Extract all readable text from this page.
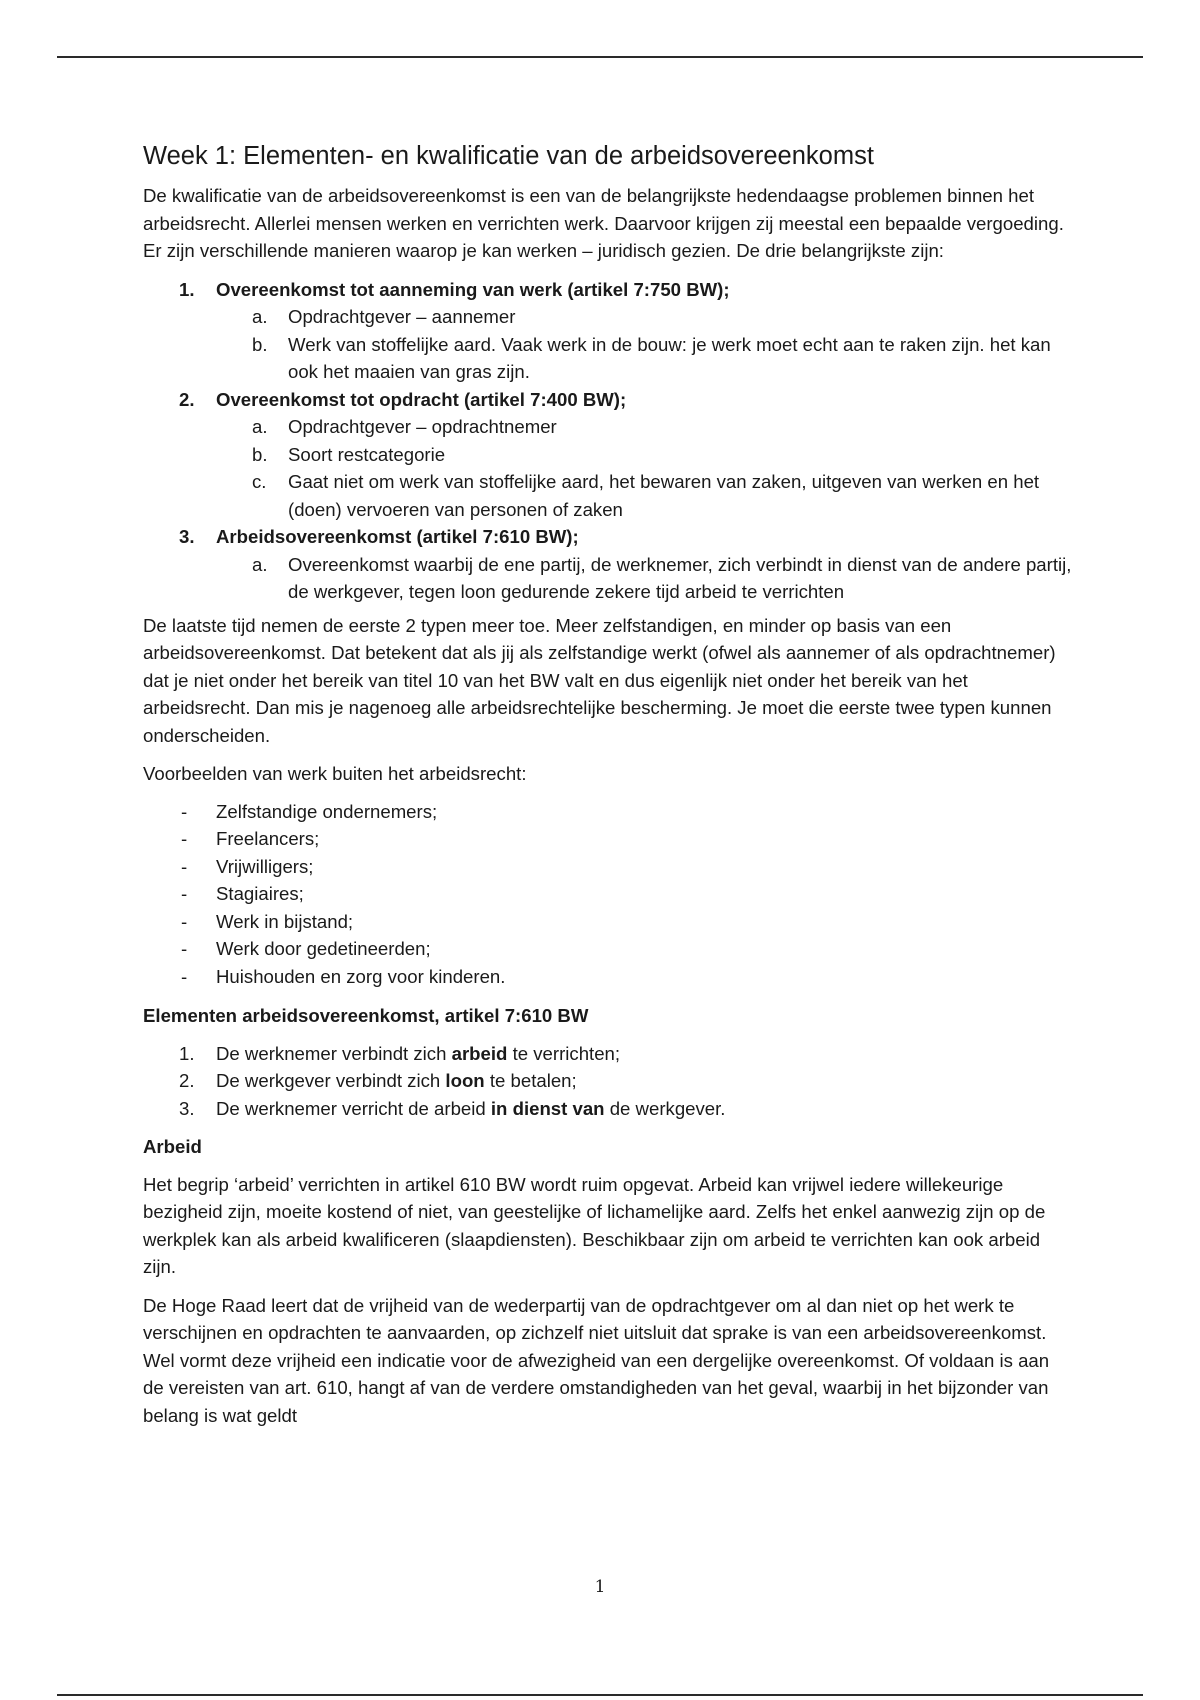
Week 1: Elementen- en kwalificatie van de arbeidsovereenkomst

De kwalificatie van de arbeidsovereenkomst is een van de belangrijkste hedendaagse problemen binnen het arbeidsrecht. Allerlei mensen werken en verrichten werk. Daarvoor krijgen zij meestal een bepaalde vergoeding. Er zijn verschillende manieren waarop je kan werken – juridisch gezien. De drie belangrijkste zijn:

1. Overeenkomst tot aanneming van werk (artikel 7:750 BW);
a. Opdrachtgever – aannemer
b. Werk van stoffelijke aard. Vaak werk in de bouw: je werk moet echt aan te raken zijn. het kan ook het maaien van gras zijn.
2. Overeenkomst tot opdracht (artikel 7:400 BW);
a. Opdrachtgever – opdrachtnemer
b. Soort restcategorie
c. Gaat niet om werk van stoffelijke aard, het bewaren van zaken, uitgeven van werken en het (doen) vervoeren van personen of zaken
3. Arbeidsovereenkomst (artikel 7:610 BW);
a. Overeenkomst waarbij de ene partij, de werknemer, zich verbindt in dienst van de andere partij, de werkgever, tegen loon gedurende zekere tijd arbeid te verrichten

De laatste tijd nemen de eerste 2 typen meer toe. Meer zelfstandigen, en minder op basis van een arbeidsovereenkomst. Dat betekent dat als jij als zelfstandige werkt (ofwel als aannemer of als opdrachtnemer) dat je niet onder het bereik van titel 10 van het BW valt en dus eigenlijk niet onder het bereik van het arbeidsrecht. Dan mis je nagenoeg alle arbeidsrechtelijke bescherming. Je moet die eerste twee typen kunnen onderscheiden.

Voorbeelden van werk buiten het arbeidsrecht:

- Zelfstandige ondernemers;
- Freelancers;
- Vrijwilligers;
- Stagiaires;
- Werk in bijstand;
- Werk door gedetineerden;
- Huishouden en zorg voor kinderen.
Elementen arbeidsovereenkomst, artikel 7:610 BW
1. De werknemer verbindt zich arbeid te verrichten;
2. De werkgever verbindt zich loon te betalen;
3. De werknemer verricht de arbeid in dienst van de werkgever.
Arbeid

Het begrip ‘arbeid’ verrichten in artikel 610 BW wordt ruim opgevat. Arbeid kan vrijwel iedere willekeurige bezigheid zijn, moeite kostend of niet, van geestelijke of lichamelijke aard. Zelfs het enkel aanwezig zijn op de werkplek kan als arbeid kwalificeren (slaapdiensten). Beschikbaar zijn om arbeid te verrichten kan ook arbeid zijn.

De Hoge Raad leert dat de vrijheid van de wederpartij van de opdrachtgever om al dan niet op het werk te verschijnen en opdrachten te aanvaarden, op zichzelf niet uitsluit dat sprake is van een arbeidsovereenkomst. Wel vormt deze vrijheid een indicatie voor de afwezigheid van een dergelijke overeenkomst. Of voldaan is aan de vereisten van art. 610, hangt af van de verdere omstandigheden van het geval, waarbij in het bijzonder van belang is wat geldt

1
